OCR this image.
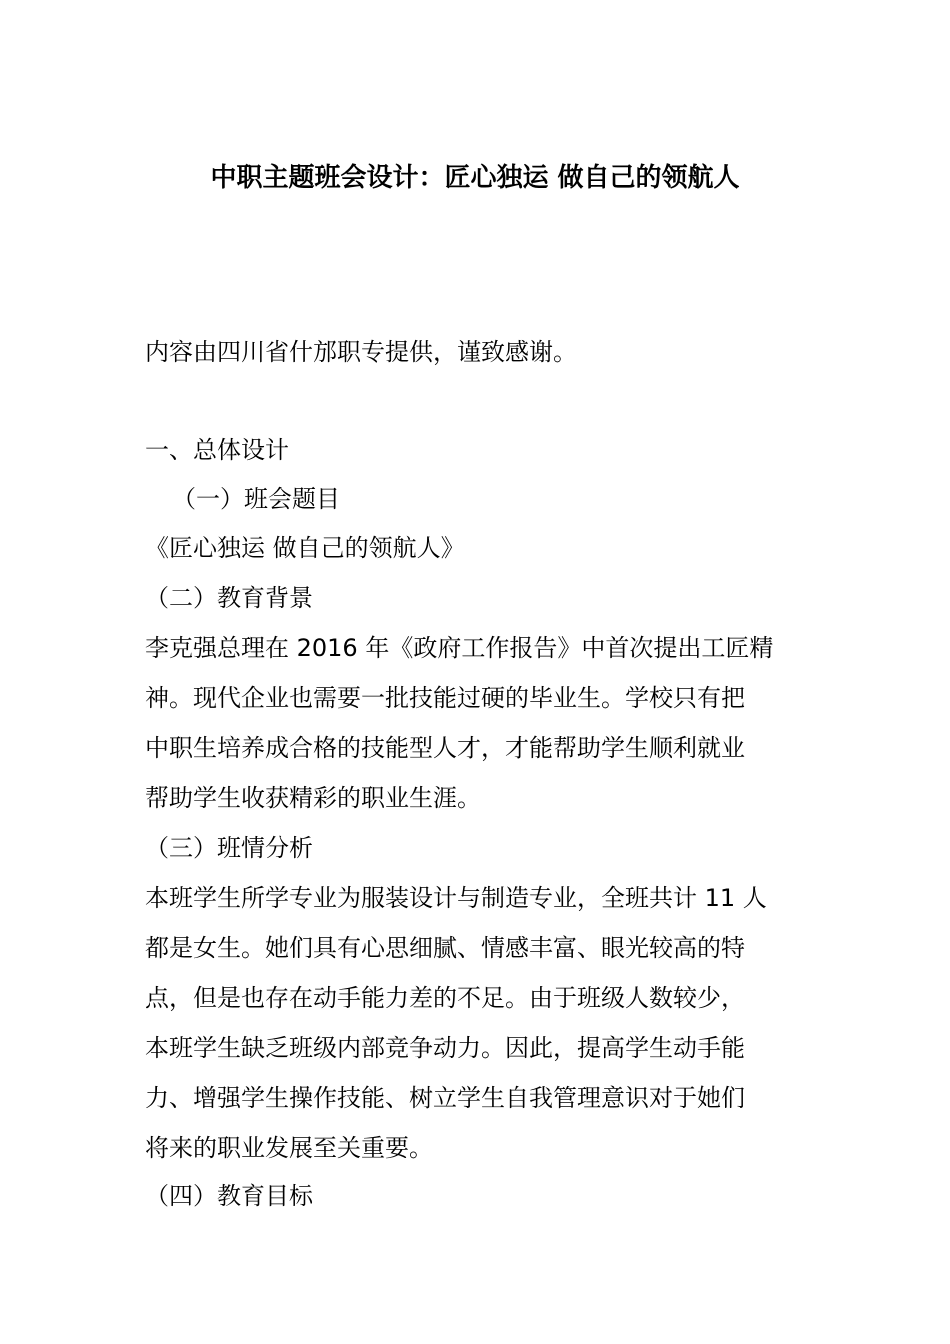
中职主题班会设计：匠心独运 做自己的领航人
内容由四川省什邡职专提供，谨致感谢。
一、总体设计
（一）班会题目
《匠心独运 做自己的领航人》
（二）教育背景
李克强总理在 2016 年《政府工作报告》中首次提出工匠精
神。现代企业也需要一批技能过硬的毕业生。学校只有把
中职生培养成合格的技能型人才，才能帮助学生顺利就业
帮助学生收获精彩的职业生涯。
（三）班情分析
本班学生所学专业为服装设计与制造专业，全班共计 11 人
都是女生。她们具有心思细腻、情感丰富、眼光较高的特
点，但是也存在动手能力差的不足。由于班级人数较少，
本班学生缺乏班级内部竞争动力。因此，提高学生动手能
力、增强学生操作技能、树立学生自我管理意识对于她们
将来的职业发展至关重要。
（四）教育目标
